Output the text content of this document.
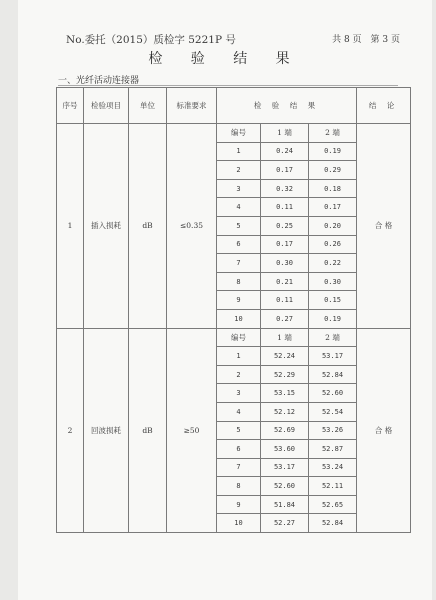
No.委托（2015）质检字 5221P 号	共 8 页　第 3 页
检 验 结 果
一、光纤活动连接器
序号	检验项目	单位	标准要求	检 验 结 果			结 论
1	插入损耗	dB	≤0.35	编号	1 端	2 端	合 格
				1	0.24	0.19	
				2	0.17	0.29	
				3	0.32	0.18	
				4	0.11	0.17	
				5	0.25	0.20	
				6	0.17	0.26	
				7	0.30	0.22	
				8	0.21	0.30	
				9	0.11	0.15	
				10	0.27	0.19	
2	回波损耗	dB	≥50	编号	1 端	2 端	合 格
				1	52.24	53.17	
				2	52.29	52.84	
				3	53.15	52.60	
				4	52.12	52.54	
				5	52.69	53.26	
				6	53.60	52.87	
				7	53.17	53.24	
				8	52.60	52.11	
				9	51.84	52.65	
				10	52.27	52.84	
